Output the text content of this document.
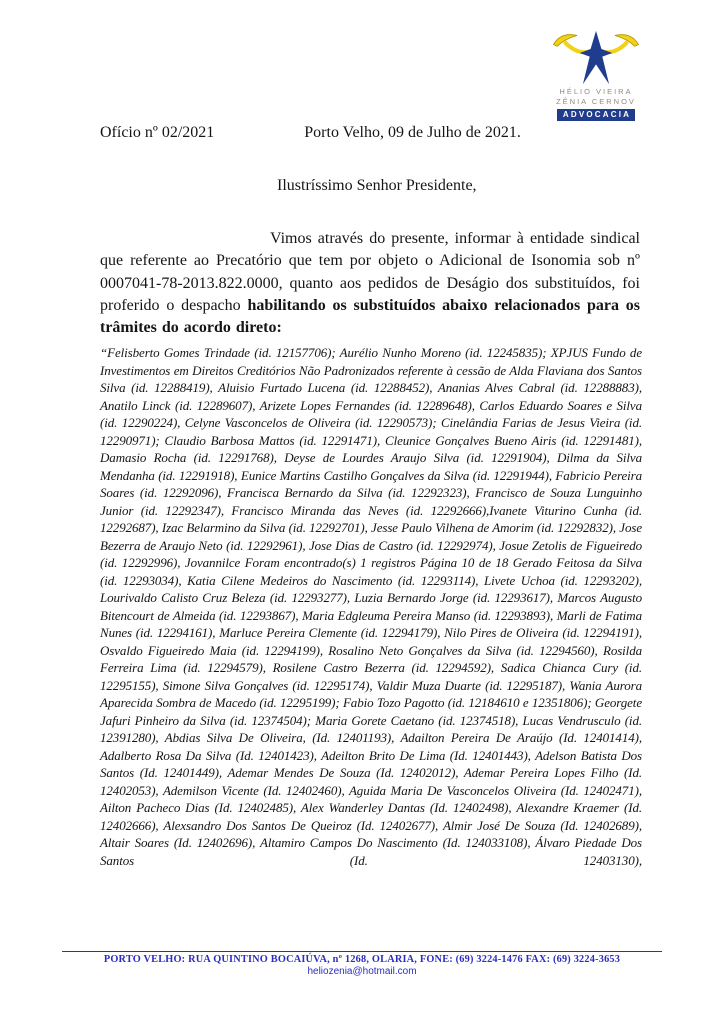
HÉLIO VIEIRA
ZÊNIA CERNOV
ADVOCACIA
Ofício nº 02/2021	Porto Velho, 09 de Julho de 2021.
Ilustríssimo Senhor Presidente,

Vimos através do presente, informar à entidade sindical que referente ao Precatório que tem por objeto o Adicional de Isonomia sob nº 0007041-78-2013.822.0000, quanto aos pedidos de Deságio dos substituídos, foi proferido o despacho habilitando os substituídos abaixo relacionados para os trâmites do acordo direto:

“Felisberto Gomes Trindade (id. 12157706); Aurélio Nunho Moreno (id. 12245835); XPJUS Fundo de Investimentos em Direitos Creditórios Não Padronizados referente à cessão de Alda Flaviana dos Santos Silva (id. 12288419), Aluisio Furtado Lucena (id. 12288452), Ananias Alves Cabral (id. 12288883), Anatilo Linck (id. 12289607), Arizete Lopes Fernandes (id. 12289648), Carlos Eduardo Soares e Silva (id. 12290224), Celyne Vasconcelos de Oliveira (id. 12290573); Cinelândia Farias de Jesus Vieira (id. 12290971); Claudio Barbosa Mattos (id. 12291471), Cleunice Gonçalves Bueno Airis (id. 12291481), Damasio Rocha (id. 12291768), Deyse de Lourdes Araujo Silva (id. 12291904), Dilma da Silva Mendanha (id. 12291918), Eunice Martins Castilho Gonçalves da Silva (id. 12291944), Fabricio Pereira Soares (id. 12292096), Francisca Bernardo da Silva (id. 12292323), Francisco de Souza Lunguinho Junior (id. 12292347), Francisco Miranda das Neves (id. 12292666),Ivanete Viturino Cunha (id. 12292687), Izac Belarmino da Silva (id. 12292701), Jesse Paulo Vilhena de Amorim (id. 12292832), Jose Bezerra de Araujo Neto (id. 12292961), Jose Dias de Castro (id. 12292974), Josue Zetolis de Figueiredo (id. 12292996), Jovannilce Foram encontrado(s) 1 registros Página 10 de 18 Gerado Feitosa da Silva (id. 12293034), Katia Cilene Medeiros do Nascimento (id. 12293114), Livete Uchoa (id. 12293202), Lourivaldo Calisto Cruz Beleza (id. 12293277), Luzia Bernardo Jorge (id. 12293617), Marcos Augusto Bitencourt de Almeida (id. 12293867), Maria Edgleuma Pereira Manso (id. 12293893), Marli de Fatima Nunes (id. 12294161), Marluce Pereira Clemente (id. 12294179), Nilo Pires de Oliveira (id. 12294191), Osvaldo Figueiredo Maia (id. 12294199), Rosalino Neto Gonçalves da Silva (id. 12294560), Rosilda Ferreira Lima (id. 12294579), Rosilene Castro Bezerra (id. 12294592), Sadica Chianca Cury (id. 12295155), Simone Silva Gonçalves (id. 12295174), Valdir Muza Duarte (id. 12295187), Wania Aurora Aparecida Sombra de Macedo (id. 12295199); Fabio Tozo Pagotto (id. 12184610 e 12351806); Georgete Jafuri Pinheiro da Silva (id. 12374504); Maria Gorete Caetano (id. 12374518), Lucas Vendrusculo (id. 12391280), Abdias Silva De Oliveira, (Id. 12401193), Adailton Pereira De Araújo (Id. 12401414), Adalberto Rosa Da Silva (Id. 12401423), Adeilton Brito De Lima (Id. 12401443), Adelson Batista Dos Santos (Id. 12401449), Ademar Mendes De Souza (Id. 12402012), Ademar Pereira Lopes Filho (Id. 12402053), Ademilson Vicente (Id. 12402460), Aguida Maria De Vasconcelos Oliveira (Id. 12402471), Ailton Pacheco Dias (Id. 12402485), Alex Wanderley Dantas (Id. 12402498), Alexandre Kraemer (Id. 12402666), Alexsandro Dos Santos De Queiroz (Id. 12402677), Almir José De Souza (Id. 12402689), Altair Soares (Id. 12402696), Altamiro Campos Do Nascimento (Id. 124033108), Álvaro Piedade Dos Santos (Id. 12403130),

PORTO VELHO: RUA QUINTINO BOCAIÚVA, nº 1268, OLARIA, FONE: (69) 3224-1476 FAX: (69) 3224-3653
heliozenia@hotmail.com
